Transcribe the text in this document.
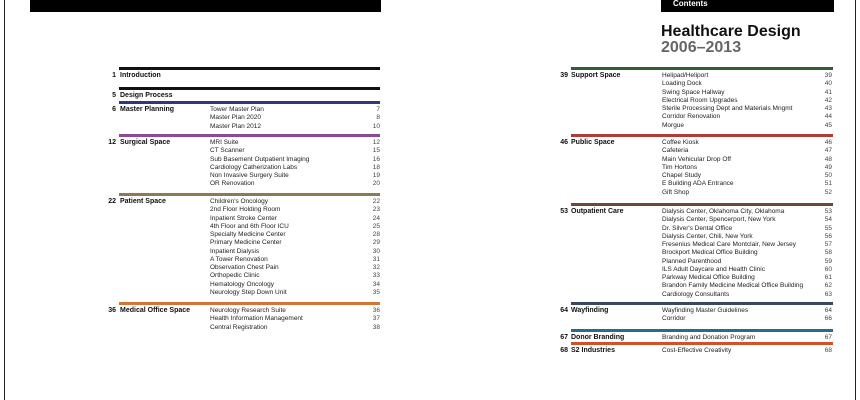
Contents
Healthcare Design
2006–2013
1 Introduction
5 Design Process
6 Master Planning	Tower Master Plan	7
Master Plan 2020	8
Master Plan 2012	10
12 Surgical Space	MRI Suite	12
CT Scanner	15
Sub Basement Outpatient Imaging	16
Cardiology Catherization Labs	18
Non Invasive Surgery Suite	19
OR Renovation	20
22 Patient Space	Children's Oncology	22
2nd Floor Holding Room	23
Inpatient Stroke Center	24
4th Floor and 6th Floor ICU	25
Specialty Medicine Center	28
Primary Medicine Center	29
Inpatient Dialysis	30
A Tower Renovation	31
Observation Chest Pain	32
Orthopedic Clinic	33
Hematology Oncology	34
Neurology Step Down Unit	35
36 Medical Office Space	Neurology Research Suite	36
Health Information Management	37
Central Registration	38
39 Support Space	Helipad/Heliport	39
Loading Dock	40
Swing Space Hallway	41
Electrical Room Upgrades	42
Sterile Processing Dept and Materials Mngmt	43
Corridor Renovation	44
Morgue	45
46 Public Space	Coffee Kiosk	46
Cafeteria	47
Main Vehicular Drop Off	48
Tim Hortons	49
Chapel Study	50
E Building ADA Entrance	51
Gift Shop	52
53 Outpatient Care	Dialysis Center, Oklahoma City, Oklahoma	53
Dialysis Center, Spencerport, New York	54
Dr. Silver's Dental Office	55
Dialysis Center, Chili, New York	56
Fresenius Medical Care Montclair, New Jersey	57
Brockport Medical Office Building	58
Planned Parenthood	59
ILS Adult Daycare and Health Clinic	60
Parkway Medical Office Building	61
Brandon Family Medicine Medical Office Building	62
Cardiology Consultants	63
64 Wayfinding	Wayfinding Master Guidelines	64
Corridor	66
67 Donor Branding	Branding and Donation Program	67
68 S2 Industries	Cost-Effective Creativity	68
